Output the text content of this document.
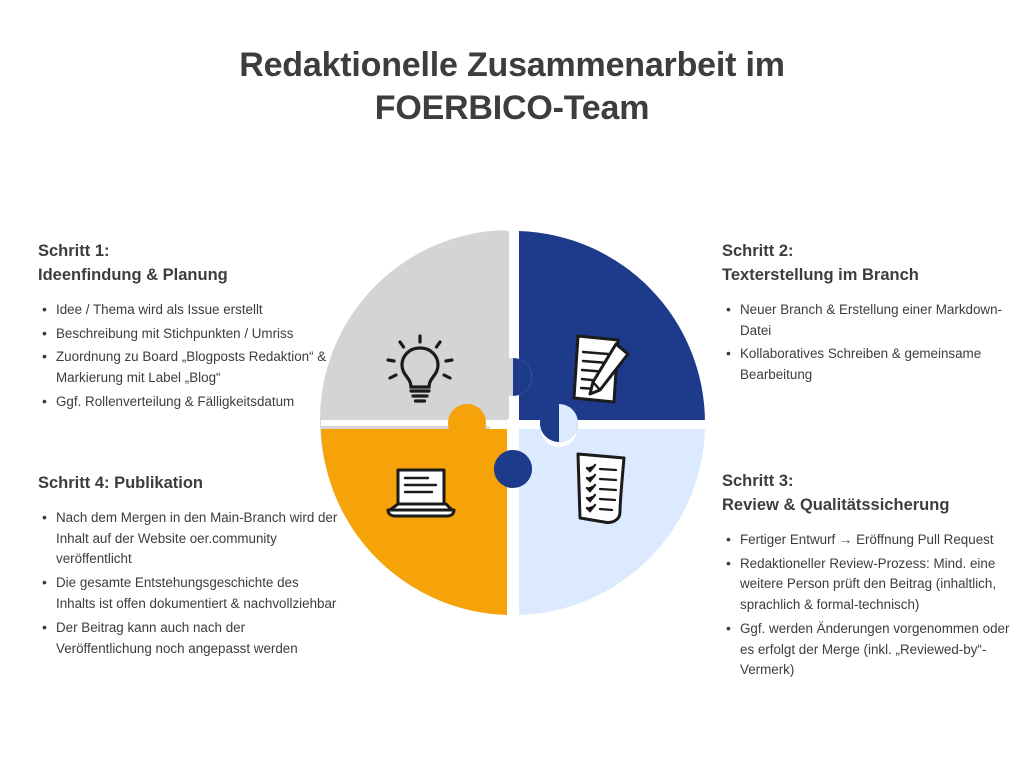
Redaktionelle Zusammenarbeit im
FOERBICO-Team
Schritt 1:
Ideenfindung & Planung
• Idee / Thema wird als Issue erstellt
• Beschreibung mit Stichpunkten / Umriss
• Zuordnung zu Board „Blogposts Redaktion“ & Markierung mit Label „Blog“
• Ggf. Rollenverteilung & Fälligkeitsdatum
Schritt 2:
Texterstellung im Branch
• Neuer Branch & Erstellung einer Markdown-Datei
• Kollaboratives Schreiben & gemeinsame Bearbeitung
Schritt 4: Publikation
• Nach dem Mergen in den Main-Branch wird der Inhalt auf der Website oer.community veröffentlicht
• Die gesamte Entstehungsgeschichte des Inhalts ist offen dokumentiert & nachvollziehbar
• Der Beitrag kann auch nach der Veröffentlichung noch angepasst werden
Schritt 3:
Review & Qualitätssicherung
• Fertiger Entwurf → Eröffnung Pull Request
• Redaktioneller Review-Prozess: Mind. eine weitere Person prüft den Beitrag (inhaltlich, sprachlich & formal-technisch)
• Ggf. werden Änderungen vorgenommen oder es erfolgt der Merge (inkl. „Reviewed-by“-Vermerk)
